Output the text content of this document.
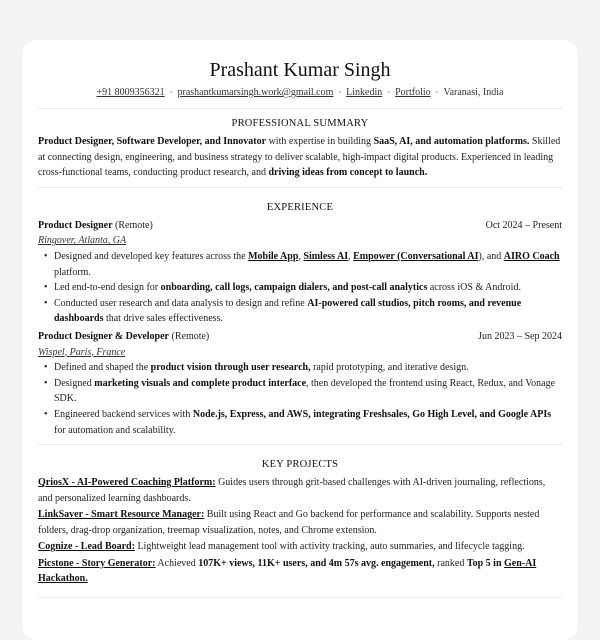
Prashant Kumar Singh
+91 8009356321 • prashantkumarsingh.work@gmail.com • Linkedin • Portfolio • Varanasi, India
PROFESSIONAL SUMMARY
Product Designer, Software Developer, and Innovator with expertise in building SaaS, AI, and automation platforms. Skilled at connecting design, engineering, and business strategy to deliver scalable, high-impact digital products. Experienced in leading cross-functional teams, conducting product research, and driving ideas from concept to launch.
EXPERIENCE
Product Designer (Remote)	Oct 2024 – Present
Ringover, Atlanta, GA
• Designed and developed key features across the Mobile App, Simless AI, Empower (Conversational AI), and AIRO Coach platform.
• Led end-to-end design for onboarding, call logs, campaign dialers, and post-call analytics across iOS & Android.
• Conducted user research and data analysis to design and refine AI-powered call studios, pitch rooms, and revenue dashboards that drive sales effectiveness.
Product Designer & Developer (Remote)	Jun 2023 – Sep 2024
Wispel, Paris, France
• Defined and shaped the product vision through user research, rapid prototyping, and iterative design.
• Designed marketing visuals and complete product interface, then developed the frontend using React, Redux, and Vonage SDK.
• Engineered backend services with Node.js, Express, and AWS, integrating Freshsales, Go High Level, and Google APIs for automation and scalability.
KEY PROJECTS
QriosX - AI-Powered Coaching Platform: Guides users through grit-based challenges with AI-driven journaling, reflections, and personalized learning dashboards.
LinkSaver - Smart Resource Manager: Built using React and Go backend for performance and scalability. Supports nested folders, drag-drop organization, treemap visualization, notes, and Chrome extension.
Cognize - Lead Board: Lightweight lead management tool with activity tracking, auto summaries, and lifecycle tagging.
Picstone - Story Generator: Achieved 107K+ views, 11K+ users, and 4m 57s avg. engagement, ranked Top 5 in Gen-AI Hackathon.
